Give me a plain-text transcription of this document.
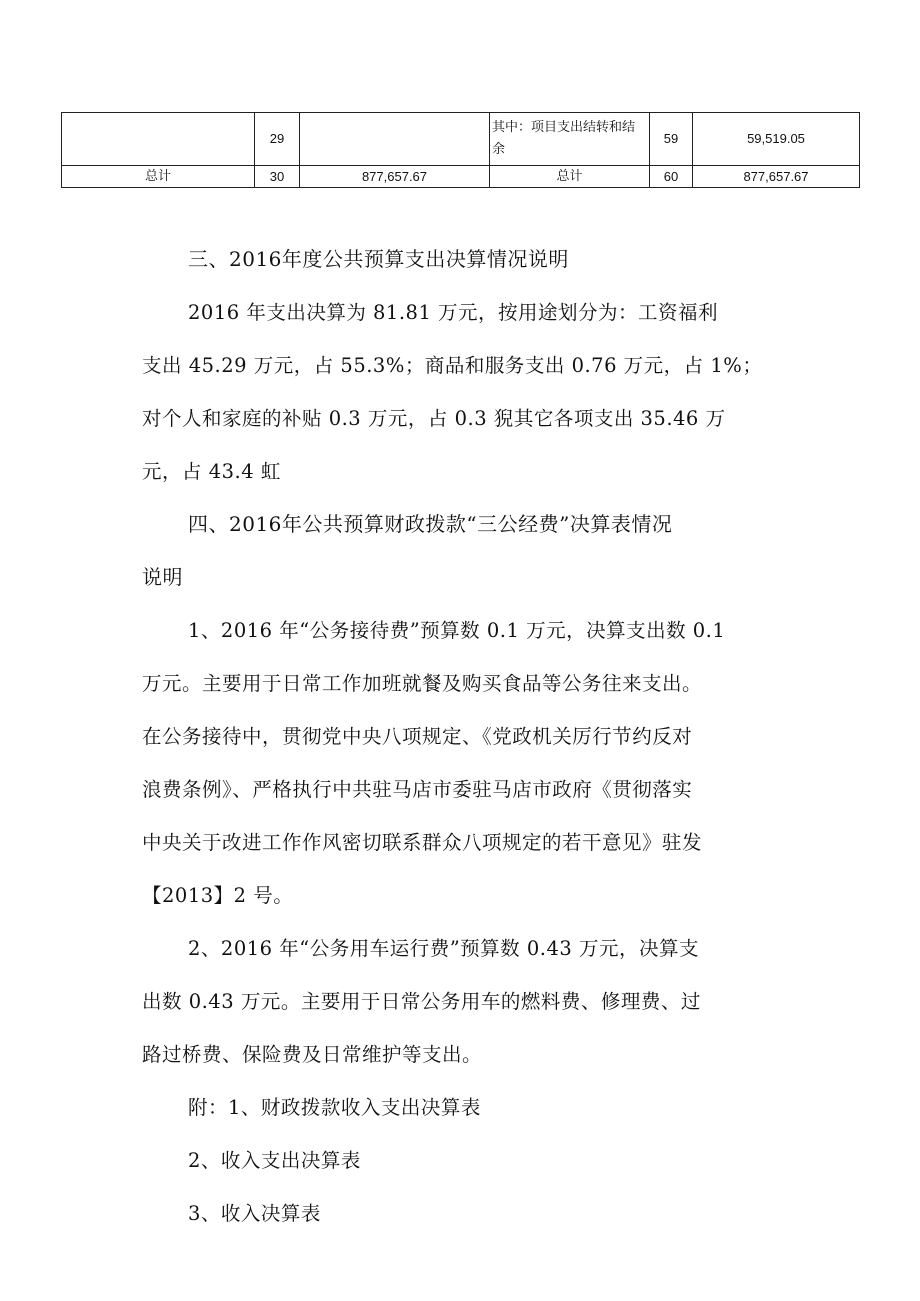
	29		其中：项目支出结转和结余	59	59,519.05
总计	30	877,657.67	总计	60	877,657.67
三、2016年度公共预算支出决算情况说明
2016 年支出决算为 81.81 万元，按用途划分为：工资福利
支出 45.29 万元，占 55.3%；商品和服务支出 0.76 万元，占 1%；
对个人和家庭的补贴 0.3 万元，占 0.3 猊其它各项支出 35.46 万
元，占 43.4 虹
四、2016年公共预算财政拨款“三公经费”决算表情况
说明
1、2016 年“公务接待费”预算数 0.1 万元，决算支出数 0.1
万元。主要用于日常工作加班就餐及购买食品等公务往来支出。
在公务接待中，贯彻党中央八项规定、《党政机关厉行节约反对
浪费条例》、严格执行中共驻马店市委驻马店市政府《贯彻落实
中央关于改进工作作风密切联系群众八项规定的若干意见》驻发
【2013】2 号。
2、2016 年“公务用车运行费”预算数 0.43 万元，决算支
出数 0.43 万元。主要用于日常公务用车的燃料费、修理费、过
路过桥费、保险费及日常维护等支出。
附：1、财政拨款收入支出决算表
2、收入支出决算表
3、收入决算表
